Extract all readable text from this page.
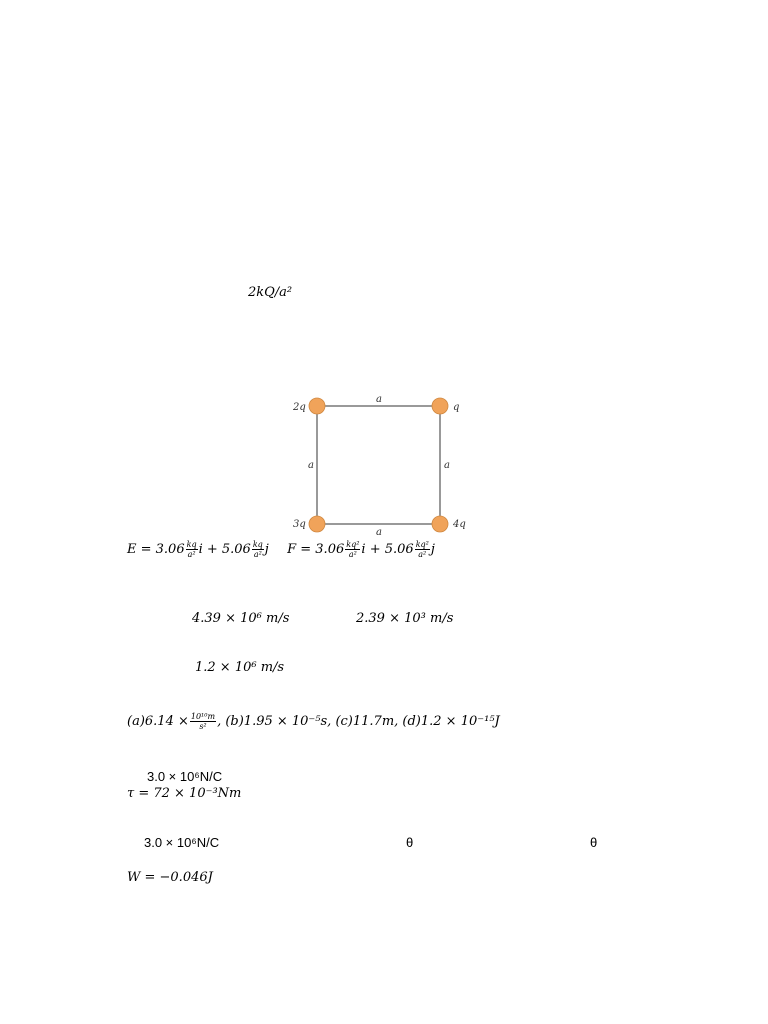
2kQ/a²
2q	q
3q	4q
a
a	a
a
$E = 3.06 \frac{kq}{\text{a²}}$ $i + 5.06 \frac{kq}{\text{a²}}$ j $F = 3.06 \frac{\text{kq²}}{\text{a²}}$ $i + 5.06 \frac{\text{kq²}}{\text{a²}}$ j
4.39 × 10⁶ m/s	2.39 × 10³ m/s
1.2 × 10⁶ m/s
$(a)6.14 \times \frac{\text{10¹⁰m}}{\text{s²}}$ , (b)1.95 × 10⁻⁵s, (c)11.7m, (d)1.2 × 10⁻¹⁵J
3.0 × 10⁶N/C
τ = 72 × 10⁻³Nm
3.0 × 10⁶N/C	θ	θ
W = −0.046J
